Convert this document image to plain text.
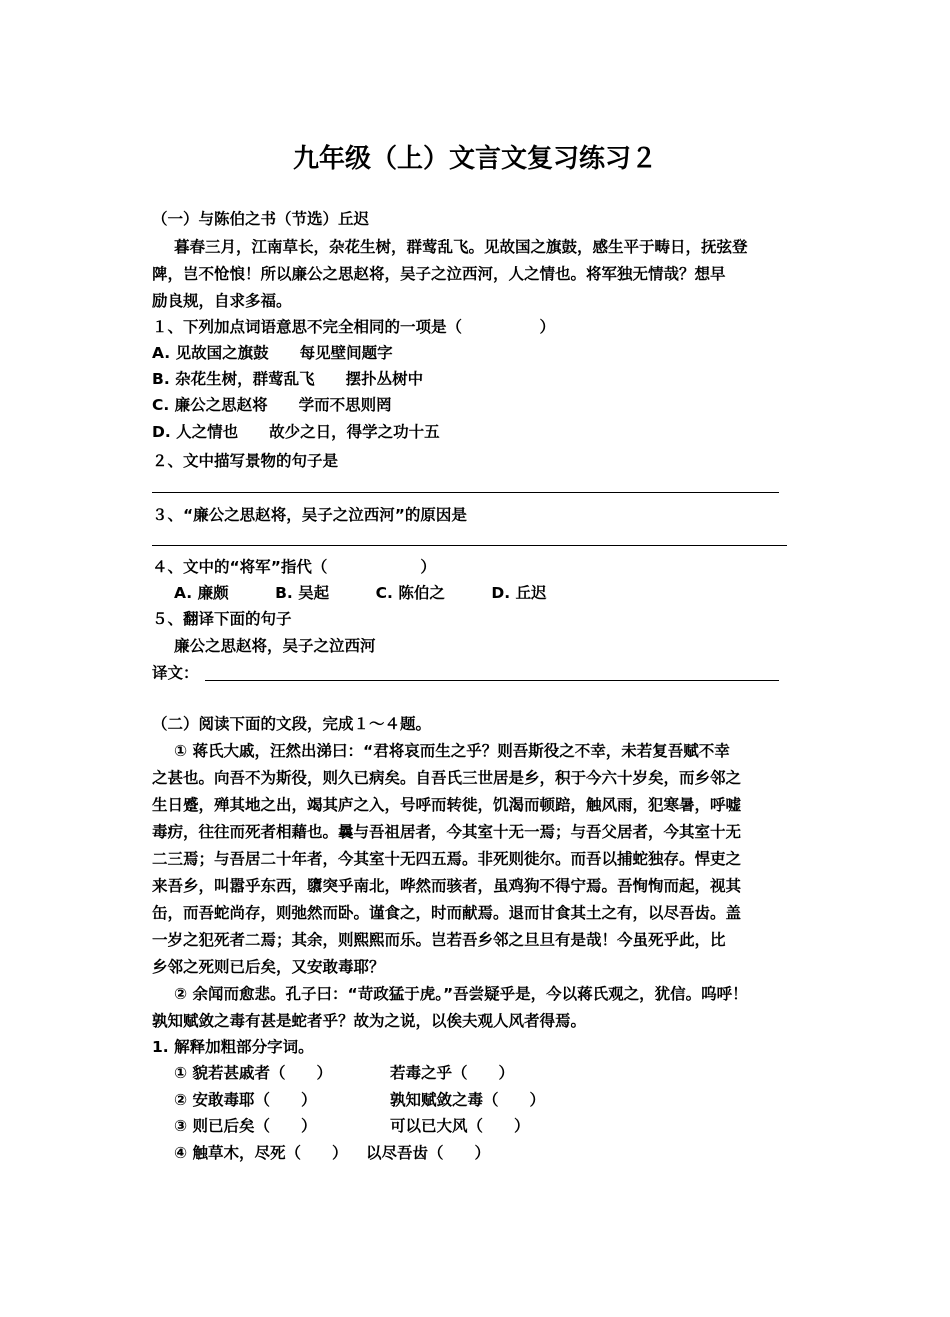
九年级（上）文言文复习练习２
（一）与陈伯之书（节选）丘迟
暮春三月，江南草长，杂花生树，群莺乱飞。见故国之旗鼓，感生平于畴日，抚弦登
陴，岂不怆悢！所以廉公之思赵将，吴子之泣西河，人之情也。将军独无情哉？想早
励良规，自求多福。
１、下列加点词语意思不完全相同的一项是（　　　　　）
A. 见故国之旗鼓　　每见壁间题字
B. 杂花生树，群莺乱飞　　摆扑丛树中
C. 廉公之思赵将　　学而不思则罔
D. 人之情也　　故少之日，得学之功十五
２、文中描写景物的句子是
３、“廉公之思赵将，吴子之泣西河”的原因是
４、文中的“将军”指代（　　　　　　）
A. 廉颇　　　B. 吴起　　　C. 陈伯之　　　D. 丘迟
５、翻译下面的句子
廉公之思赵将，吴子之泣西河
译文：
（二）阅读下面的文段，完成１～４题。
① 蒋氏大戚，汪然出涕曰：“君将哀而生之乎？则吾斯役之不幸，未若复吾赋不幸
之甚也。向吾不为斯役，则久已病矣。自吾氏三世居是乡，积于今六十岁矣，而乡邻之
生日蹙，殚其地之出，竭其庐之入，号呼而转徙，饥渴而顿踣，触风雨，犯寒暑，呼嘘
毒疠，往往而死者相藉也。曩与吾祖居者，今其室十无一焉；与吾父居者，今其室十无
二三焉；与吾居二十年者，今其室十无四五焉。非死则徙尔。而吾以捕蛇独存。悍吏之
来吾乡，叫嚣乎东西，隳突乎南北，哗然而骇者，虽鸡狗不得宁焉。吾恂恂而起，视其
缶，而吾蛇尚存，则弛然而卧。谨食之，时而献焉。退而甘食其土之有，以尽吾齿。盖
一岁之犯死者二焉；其余，则熙熙而乐。岂若吾乡邻之旦旦有是哉！今虽死乎此，比
乡邻之死则已后矣，又安敢毒耶？
② 余闻而愈悲。孔子曰：“苛政猛于虎。”吾尝疑乎是，今以蒋氏观之，犹信。呜呼！
孰知赋敛之毒有甚是蛇者乎？故为之说，以俟夫观人风者得焉。
1. 解释加粗部分字词。
① 貌若甚戚者（　　）	若毒之乎（　　）
② 安敢毒耶（　　）	孰知赋敛之毒（　　）
③ 则已后矣（　　）	可以已大风（　　）
④ 触草木，尽死（　　） 以尽吾齿（　　）
